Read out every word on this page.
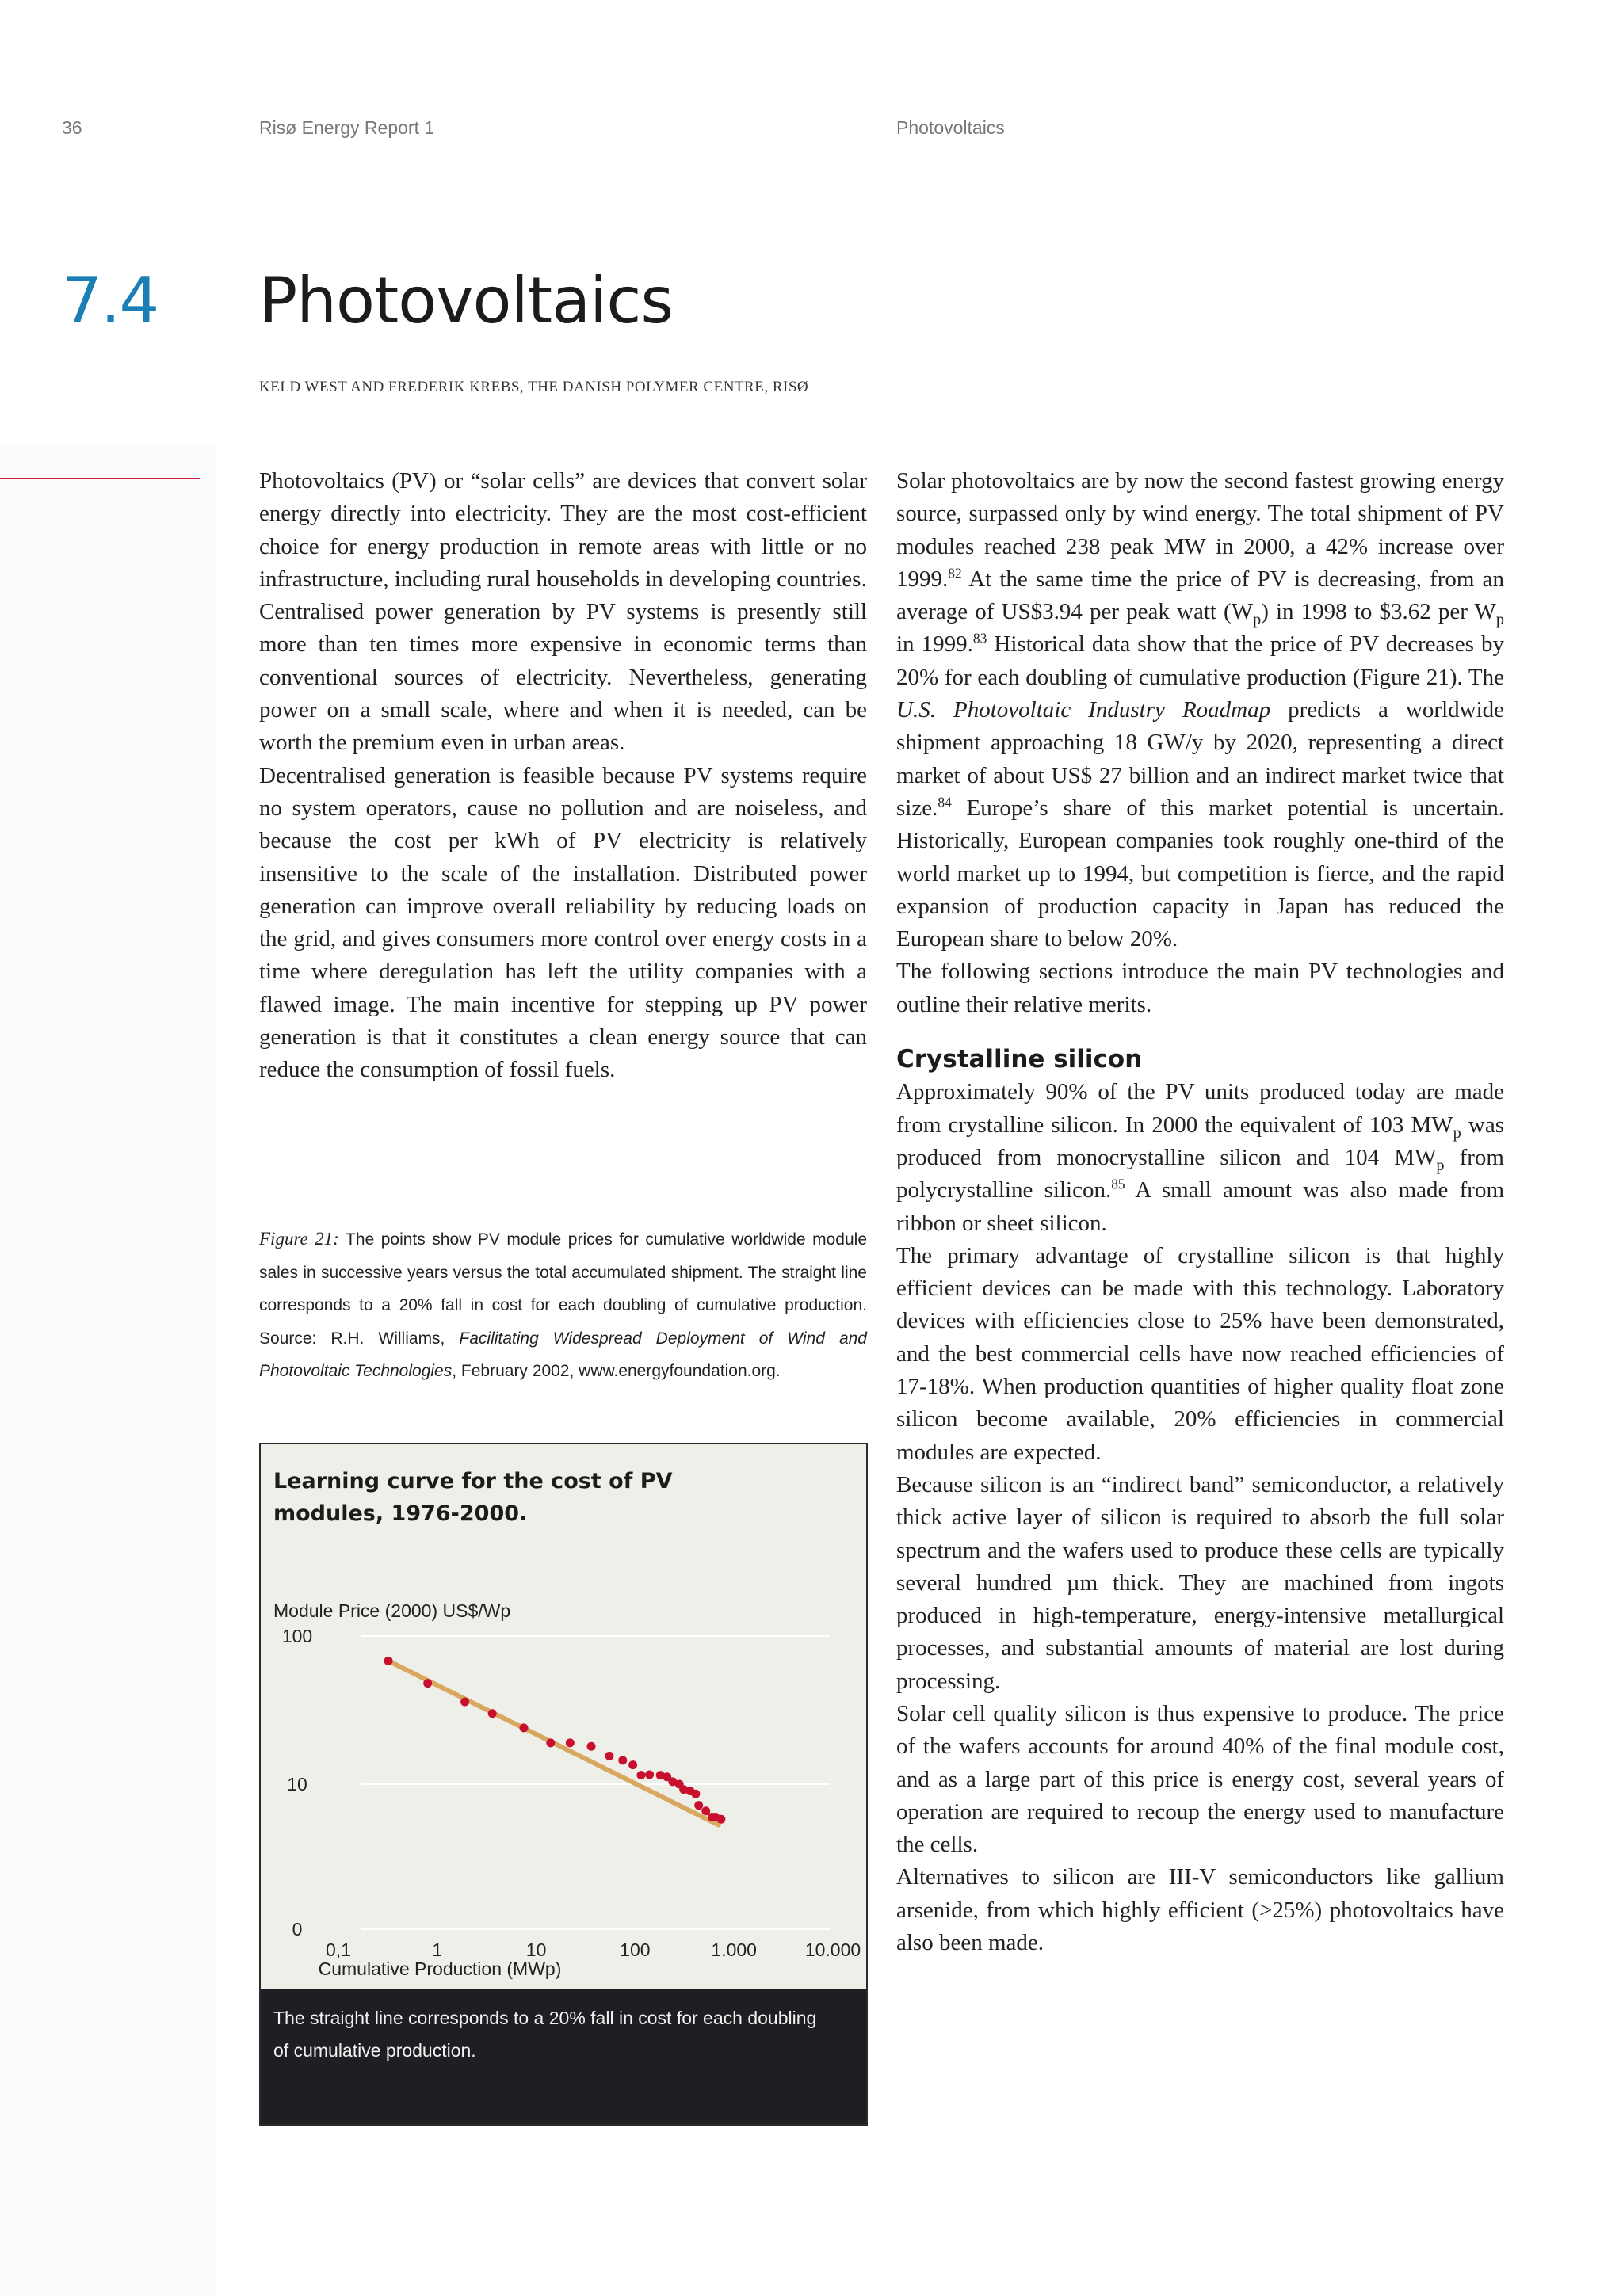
36	Risø Energy Report 1	Photovoltaics
7.4 Photovoltaics
KELD WEST AND FREDERIK KREBS, THE DANISH POLYMER CENTRE, RISØ

Photovoltaics (PV) or “solar cells” are devices that convert solar energy directly into electricity. They are the most cost-efficient choice for energy production in remote areas with little or no infrastructure, including rural households in developing countries.

Centralised power generation by PV systems is presently still more than ten times more expensive in economic terms than conventional sources of electricity. Nevertheless, generating power on a small scale, where and when it is needed, can be worth the premium even in urban areas.

Decentralised generation is feasible because PV systems require no system operators, cause no pollution and are noiseless, and because the cost per kWh of PV electricity is relatively insensitive to the scale of the installation. Distributed power generation can improve overall reliability by reducing loads on the grid, and gives consumers more control over energy costs in a time where deregulation has left the utility companies with a flawed image. The main incentive for stepping up PV power generation is that it constitutes a clean energy source that can reduce the consumption of fossil fuels.

Figure 21: The points show PV module prices for cumulative worldwide module sales in successive years versus the total accumulated shipment. The straight line corresponds to a 20% fall in cost for each doubling of cumulative production. Source: R.H. Williams, Facilitating Widespread Deployment of Wind and Photovoltaic Technologies, February 2002, www.energyfoundation.org.
Learning curve for the cost of PV modules, 1976-2000.
Module Price (2000) US$/Wp
Cumulative Production (MWp)
100
10
0
0,1	1	10	100	1.000	10.000
The straight line corresponds to a 20% fall in cost for each doubling of cumulative production.

Solar photovoltaics are by now the second fastest growing energy source, surpassed only by wind energy. The total shipment of PV modules reached 238 peak MW in 2000, a 42% increase over 1999.82 At the same time the price of PV is decreasing, from an average of US$3.94 per peak watt $(W_p)$ in 1998 to $3.62 per $W_p$ in 1999.83 Historical data show that the price of PV decreases by 20% for each doubling of cumulative production (Figure 21). The U.S. Photovoltaic Industry Roadmap predicts a worldwide shipment approaching 18 GW/y by 2020, representing a direct market of about US$ 27 billion and an indirect market twice that size.$^{84}$ Europe’s share of this market potential is uncertain. Historically, European companies took roughly one-third of the world market up to 1994, but competition is fierce, and the rapid expansion of production capacity in Japan has reduced the European share to below 20%.

The following sections introduce the main PV technologies and outline their relative merits.

Crystalline silicon

Approximately 90% of the PV units produced today are made from crystalline silicon. In 2000 the equivalent of 103 $MW_p$ was produced from monocrystalline silicon and 104 $MW_p$ from polycrystalline silicon.$^{85}$ A small amount was also made from ribbon or sheet silicon.

The primary advantage of crystalline silicon is that highly efficient devices can be made with this technology. Laboratory devices with efficiencies close to 25% have been demonstrated, and the best commercial cells have now reached efficiencies of 17-18%. When production quantities of higher quality float zone silicon become available, 20% efficiencies in commercial modules are expected.

Because silicon is an “indirect band” semiconductor, a relatively thick active layer of silicon is required to absorb the full solar spectrum and the wafers used to produce these cells are typically several hundred µm thick. They are machined from ingots produced in high-temperature, energy-intensive metallurgical processes, and substantial amounts of material are lost during processing.

Solar cell quality silicon is thus expensive to produce. The price of the wafers accounts for around 40% of the final module cost, and as a large part of this price is energy cost, several years of operation are required to recoup the energy used to manufacture the cells.

Alternatives to silicon are III-V semiconductors like gallium arsenide, from which highly efficient (>25%) photovoltaics have also been made.
